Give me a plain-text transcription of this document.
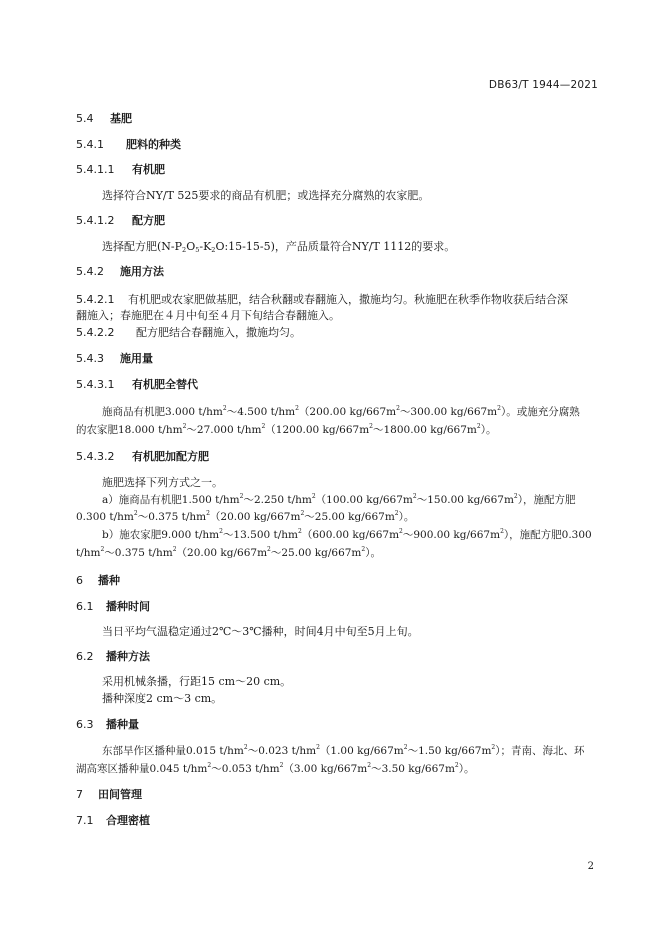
DB63/T 1944—2021
5.4 基肥
5.4.1 肥料的种类
5.4.1.1 有机肥
选择符合NY/T 525要求的商品有机肥；或选择充分腐熟的农家肥。
5.4.1.2 配方肥
选择配方肥$(N-P_2O_5-K_2O:15-15-5)$，产品质量符合NY/T 1112的要求。
5.4.2 施用方法
5.4.2.1 有机肥或农家肥做基肥，结合秋翻或春翻施入，撒施均匀。秋施肥在秋季作物收获后结合深
翻施入；春施肥在４月中旬至４月下旬结合春翻施入。
5.4.2.2 配方肥结合春翻施入，撒施均匀。
5.4.3 施用量
5.4.3.1 有机肥全替代
施商品有机肥3.000 $t/hm^2\sim 4.500$ $t/hm^2(200.00$ $kg/667m^2\sim 300.00$ $kg/667m^2$）。或施充分腐熟
的农家肥18.000 $t/hm^2\sim 27.000$ $t/hm^2(1200.00$ $kg/667m^2\sim 1800.00$ $kg/667m^2$）。
5.4.3.2 有机肥加配方肥
施肥选择下列方式之一。
a）施商品有机肥1.500 $t/hm^2\sim 2.250$ $t/hm^2(100.00$ $kg/667m^2\sim 150.00$ $kg/667m^2$），施配方肥
0.300 $t/hm^2\sim 0.375$ $t/hm^2(20.00$ $kg/667m^2\sim 25.00$ $kg/667m^2$）。
b）施农家肥9.000 $t/hm^2\sim 13.500$ $t/hm^2(600.00$ $kg/667m^2\sim 900.00$ $kg/667m^2$），施配方肥0.300
$t/hm^2\sim 0.375$ $t/hm^2(20.00$ $kg/667m^2\sim 25.00$ $kg/667m^2$）。
6 播种
6.1 播种时间
当日平均气温稳定通过2℃～3℃播种，时间4月中旬至5月上旬。
6.2 播种方法
采用机械条播，行距15 cm～20 cm。
播种深度2 cm～3 cm。
6.3 播种量
东部旱作区播种量0.015 $t/hm^2\sim 0.023$ $t/hm^2(1.00$ $kg/667m^2\sim 1.50$ $kg/667m^2$）；青南、海北、环
湖高寒区播种量0.045 $t/hm^2\sim 0.053$ $t/hm^2(3.00$ $kg/667m^2\sim 3.50$ $kg/667m^2$）。
7 田间管理
7.1 合理密植
2
